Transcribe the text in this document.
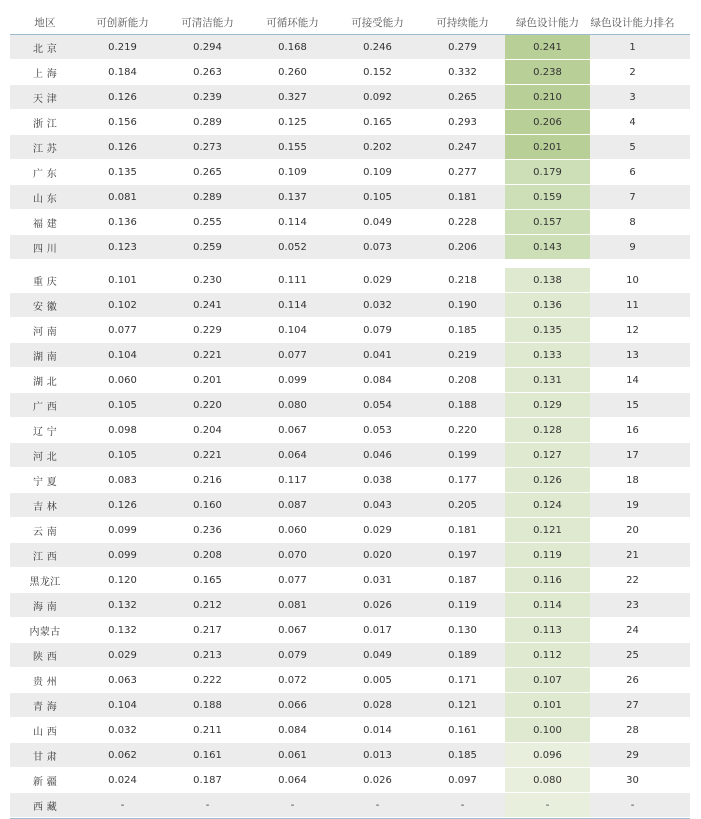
地区	可创新能力	可清洁能力	可循环能力	可接受能力	可持续能力	绿色设计能力	绿色设计能力排名
北 京	0.219	0.294	0.168	0.246	0.279	0.241	1
上 海	0.184	0.263	0.260	0.152	0.332	0.238	2
天 津	0.126	0.239	0.327	0.092	0.265	0.210	3
浙 江	0.156	0.289	0.125	0.165	0.293	0.206	4
江 苏	0.126	0.273	0.155	0.202	0.247	0.201	5
广 东	0.135	0.265	0.109	0.109	0.277	0.179	6
山 东	0.081	0.289	0.137	0.105	0.181	0.159	7
福 建	0.136	0.255	0.114	0.049	0.228	0.157	8
四 川	0.123	0.259	0.052	0.073	0.206	0.143	9
重 庆	0.101	0.230	0.111	0.029	0.218	0.138	10
安 徽	0.102	0.241	0.114	0.032	0.190	0.136	11
河 南	0.077	0.229	0.104	0.079	0.185	0.135	12
湖 南	0.104	0.221	0.077	0.041	0.219	0.133	13
湖 北	0.060	0.201	0.099	0.084	0.208	0.131	14
广 西	0.105	0.220	0.080	0.054	0.188	0.129	15
辽 宁	0.098	0.204	0.067	0.053	0.220	0.128	16
河 北	0.105	0.221	0.064	0.046	0.199	0.127	17
宁 夏	0.083	0.216	0.117	0.038	0.177	0.126	18
吉 林	0.126	0.160	0.087	0.043	0.205	0.124	19
云 南	0.099	0.236	0.060	0.029	0.181	0.121	20
江 西	0.099	0.208	0.070	0.020	0.197	0.119	21
黑龙江	0.120	0.165	0.077	0.031	0.187	0.116	22
海 南	0.132	0.212	0.081	0.026	0.119	0.114	23
内蒙古	0.132	0.217	0.067	0.017	0.130	0.113	24
陕 西	0.029	0.213	0.079	0.049	0.189	0.112	25
贵 州	0.063	0.222	0.072	0.005	0.171	0.107	26
青 海	0.104	0.188	0.066	0.028	0.121	0.101	27
山 西	0.032	0.211	0.084	0.014	0.161	0.100	28
甘 肃	0.062	0.161	0.061	0.013	0.185	0.096	29
新 疆	0.024	0.187	0.064	0.026	0.097	0.080	30
西 藏	-	-	-	-	-	-	-
